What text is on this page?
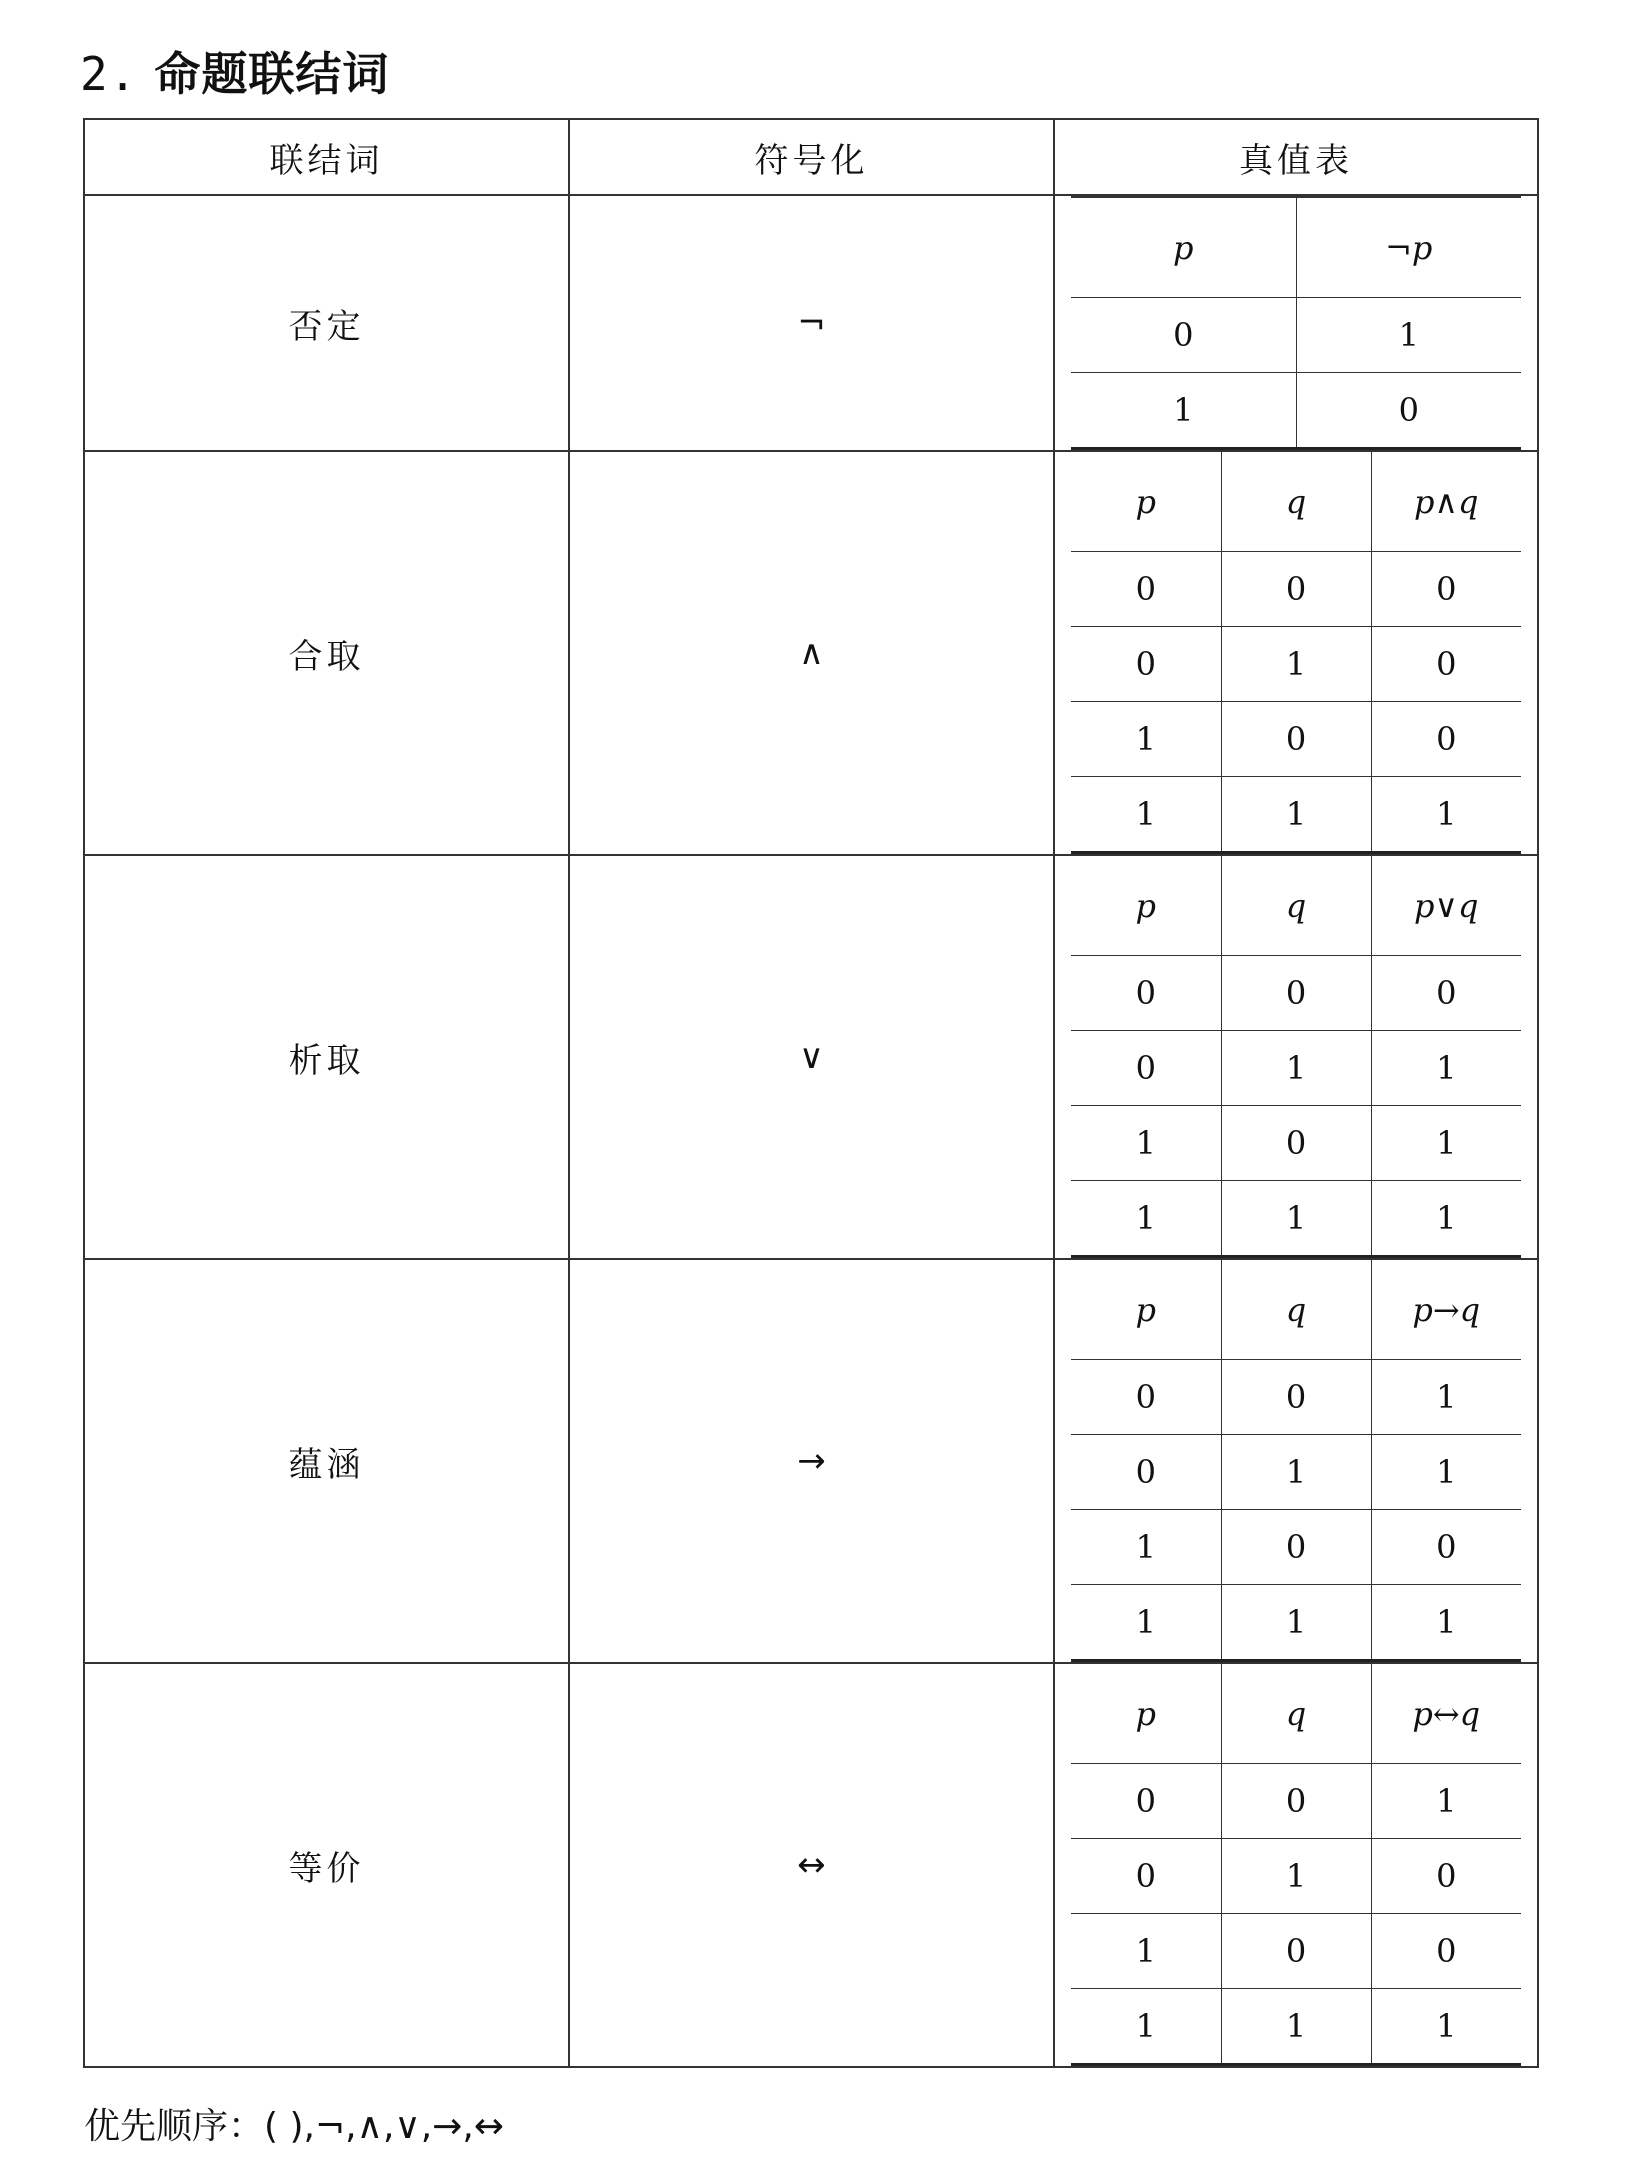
2. 命题联结词
联结词	符号化	真值表
否定	¬	
p	¬p
0	1
1	0

合取	∧	
p	q	p∧q
0	0	0
0	1	0
1	0	0
1	1	1

析取	∨	
p	q	p∨q
0	0	0
0	1	1
1	0	1
1	1	1

蕴涵	→	
p	q	p→q
0	0	1
0	1	1
1	0	0
1	1	1

等价	↔	
p	q	p↔q
0	0	1
0	1	0
1	0	0
1	1	1
优先顺序：( ),¬,∧,∨,→,↔
